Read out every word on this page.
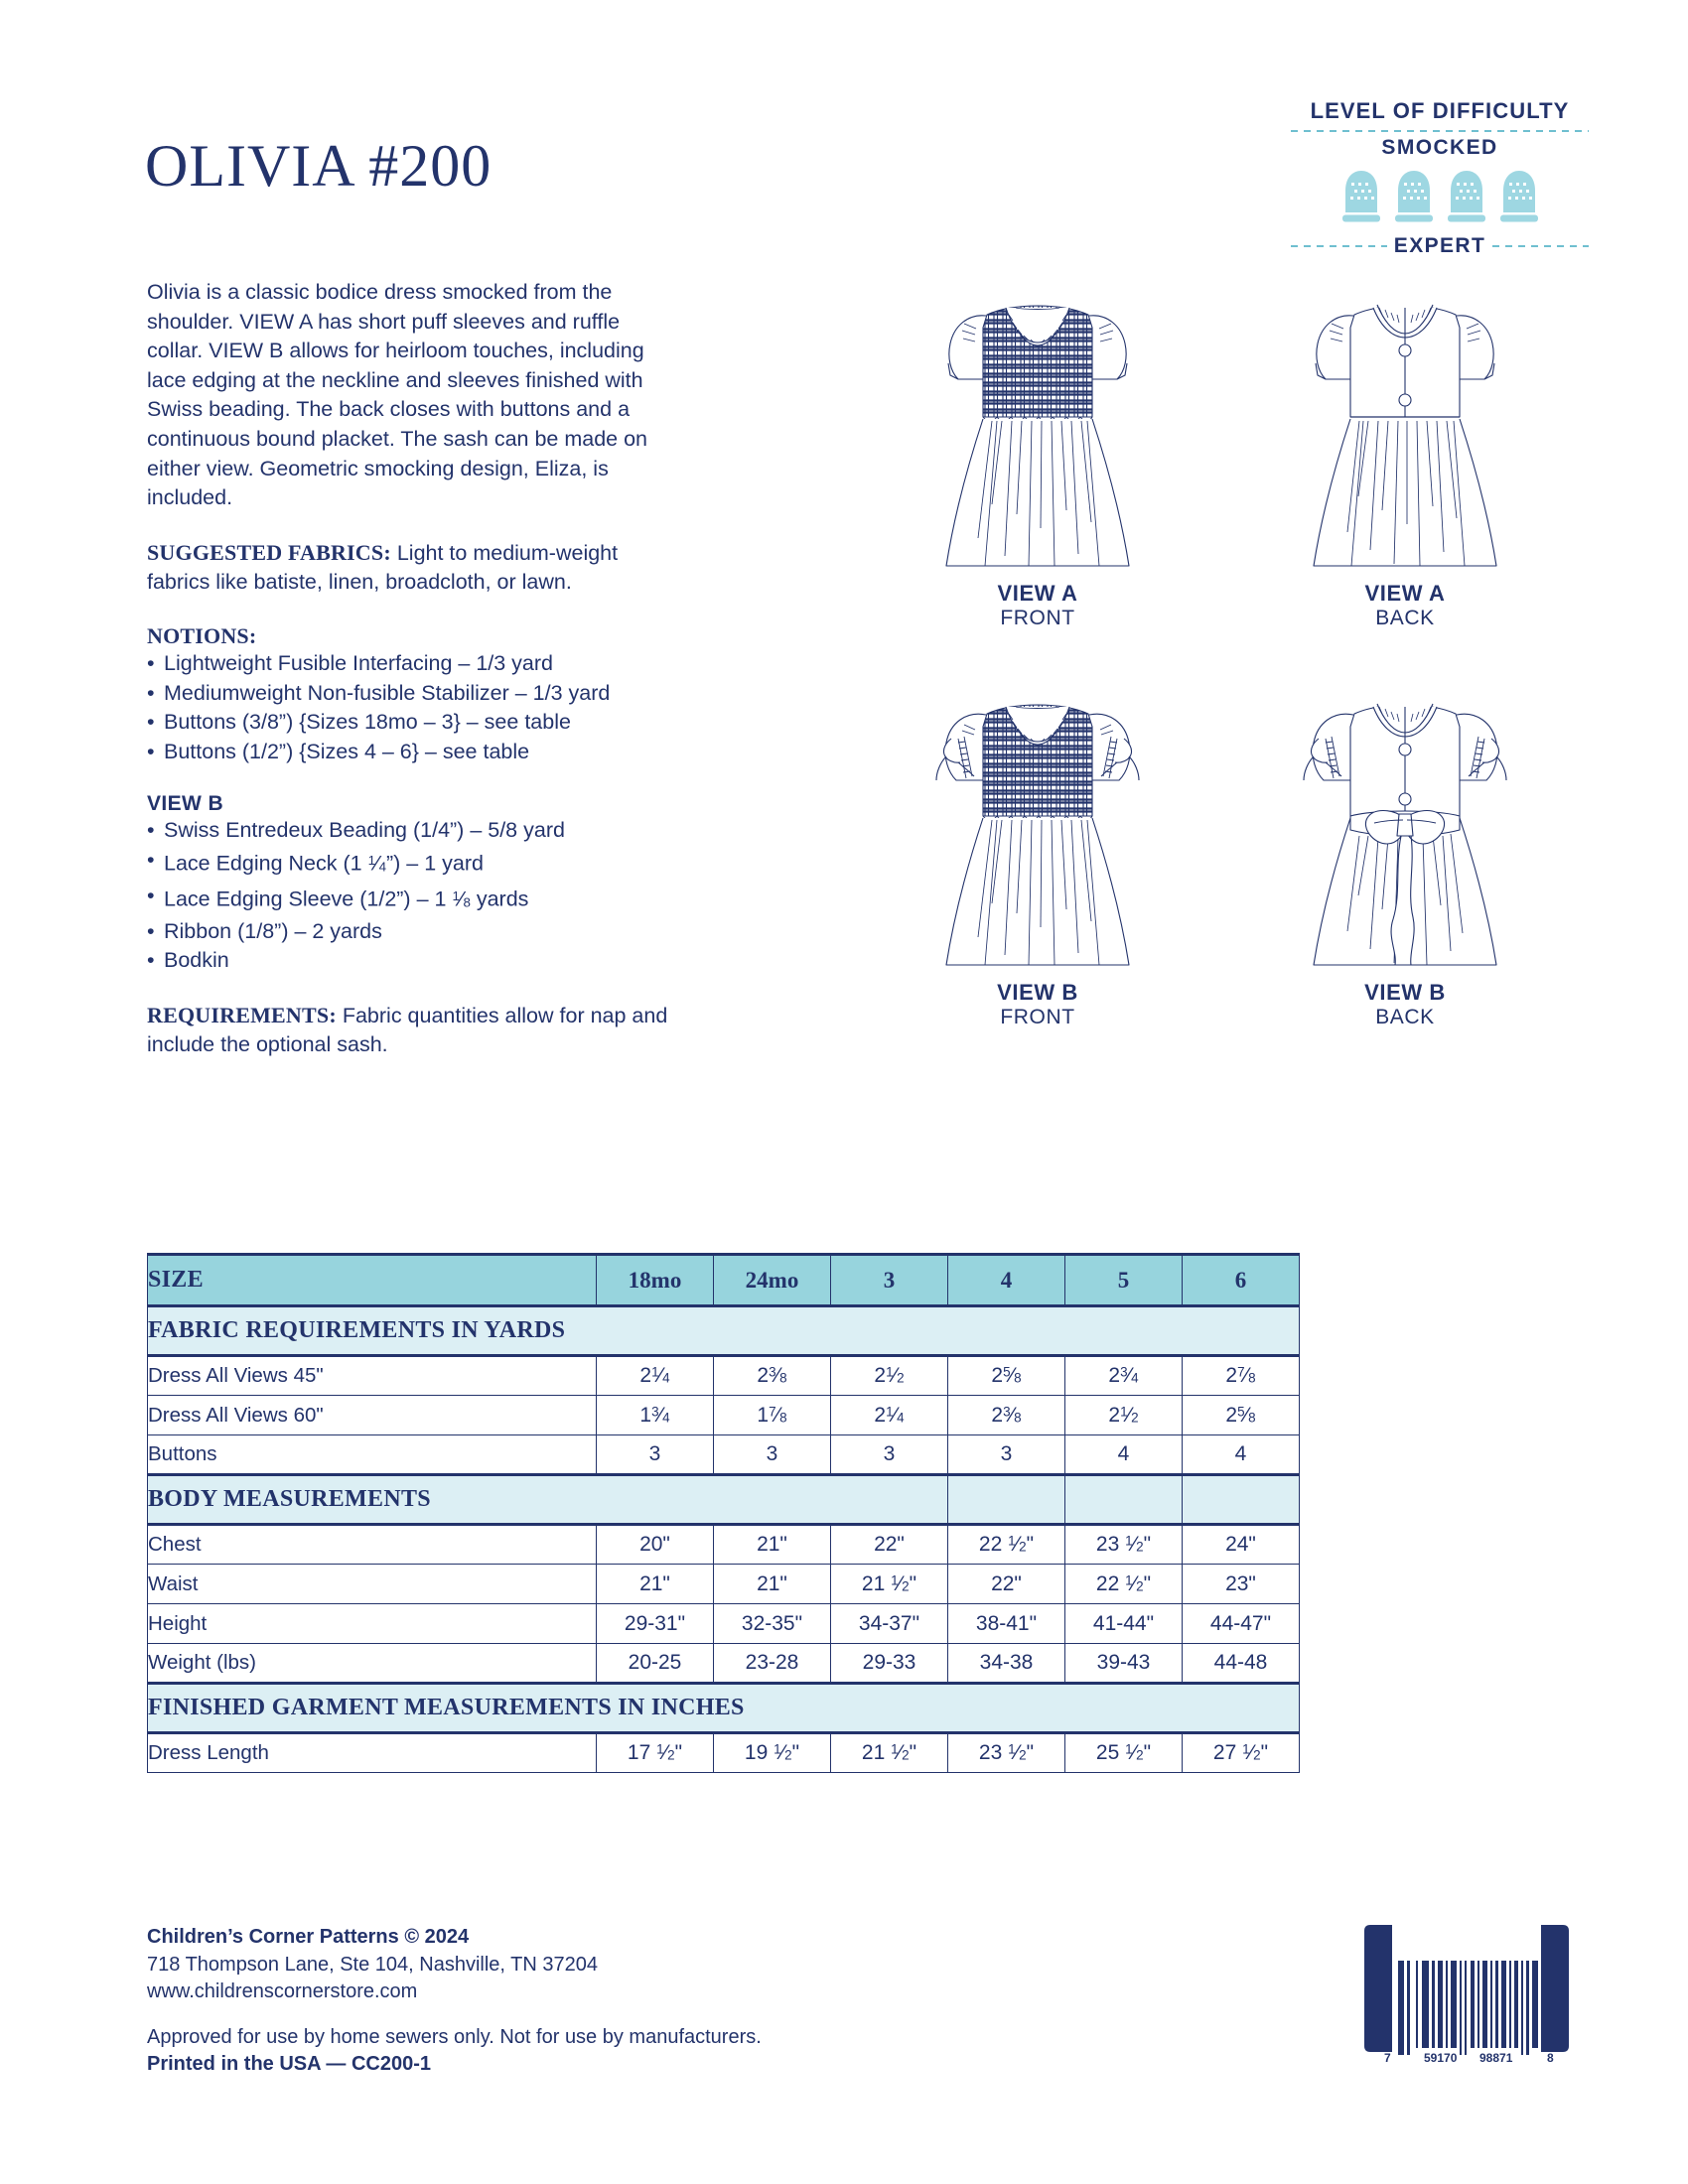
OLIVIA #200
LEVEL OF DIFFICULTY
SMOCKED
EXPERT
Olivia is a classic bodice dress smocked from the shoulder. VIEW A has short puff sleeves and ruffle collar. VIEW B allows for heirloom touches, including lace edging at the neckline and sleeves finished with Swiss beading. The back closes with buttons and a continuous bound placket. The sash can be made on either view. Geometric smocking design, Eliza, is included.
SUGGESTED FABRICS: Light to medium-weight fabrics like batiste, linen, broadcloth, or lawn.
NOTIONS:
• Lightweight Fusible Interfacing – 1/3 yard
• Mediumweight Non-fusible Stabilizer – 1/3 yard
• Buttons (3/8”) {Sizes 18mo – 3} – see table
• Buttons (1/2”) {Sizes 4 – 6} – see table
VIEW B
• Swiss Entredeux Beading (1/4”) – 5/8 yard
• Lace Edging Neck (1 $^1⁄_4”) - 1$ yard
• Lace Edging Sleeve (1/2”) – 1 $^1⁄_8$ yards
• Ribbon (1/8”) – 2 yards
• Bodkin
REQUIREMENTS: Fabric quantities allow for nap and include the optional sash.
VIEW A
FRONT
VIEW A
BACK
VIEW B
FRONT
VIEW B
BACK
SIZE	18mo	24mo	3	4	5	6
FABRIC REQUIREMENTS IN YARDS						
Dress All Views 45"	$2^1⁄_4$	$2^3⁄_8$	$2^1⁄_2$	$2^5⁄_8$	$2^3⁄_4$	$2^7⁄_8$
Dress All Views 60"	$1^3⁄_4$	$1^7⁄_8$	$2^1⁄_4$	$2^3⁄_8$	$2^1⁄_2$	$2^5⁄_8$
Buttons	3	3	3	3	4	4
BODY MEASUREMENTS						
Chest	20"	21"	22"	22 $^1⁄_2$"	23 $^1⁄_2$"	24"
Waist	21"	21"	21 $^1⁄_2$"	22"	22 $^1⁄_2$"	23"
Height	29-31"	32-35"	34-37"	38-41"	41-44"	44-47"
Weight (lbs)	20-25	23-28	29-33	34-38	39-43	44-48
FINISHED GARMENT MEASUREMENTS IN INCHES						
Dress Length	17 $^1⁄_2$"	19 $^1⁄_2$"	21 $^1⁄_2$"	23 $^1⁄_2$"	25 $^1⁄_2$"	27 $^1⁄_2$"
Children’s Corner Patterns © 2024
718 Thompson Lane, Ste 104, Nashville, TN 37204
www.childrenscornerstore.com
Approved for use by home sewers only. Not for use by manufacturers.
Printed in the USA — CC200-1	7	59170 98871	8
